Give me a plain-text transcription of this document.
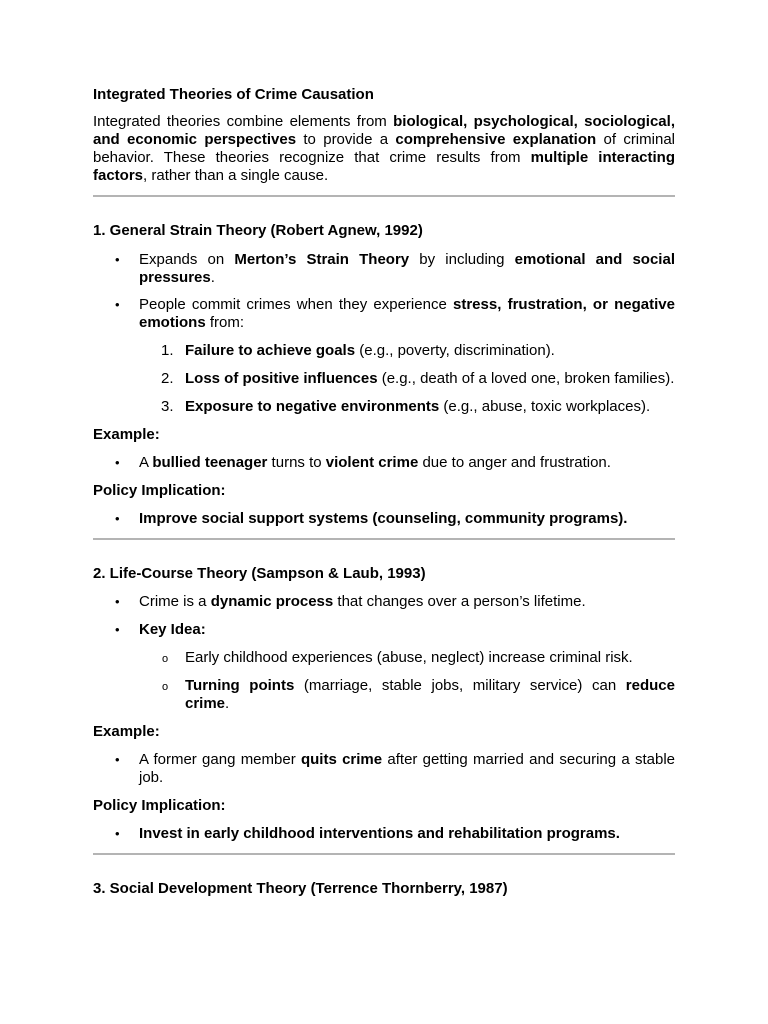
Integrated Theories of Crime Causation

Integrated theories combine elements from biological, psychological, sociological, and economic perspectives to provide a comprehensive explanation of criminal behavior. These theories recognize that crime results from multiple interacting factors, rather than a single cause.

1. General Strain Theory (Robert Agnew, 1992)

• Expands on Merton’s Strain Theory by including emotional and social pressures.
• People commit crimes when they experience stress, frustration, or negative emotions from:
1. Failure to achieve goals (e.g., poverty, discrimination).
2. Loss of positive influences (e.g., death of a loved one, broken families).
3. Exposure to negative environments (e.g., abuse, toxic workplaces).

Example:

• A bullied teenager turns to violent crime due to anger and frustration.

Policy Implication:

• Improve social support systems (counseling, community programs).

2. Life-Course Theory (Sampson & Laub, 1993)

• Crime is a dynamic process that changes over a person’s lifetime.
• Key Idea:
o Early childhood experiences (abuse, neglect) increase criminal risk.
o Turning points (marriage, stable jobs, military service) can reduce crime.

Example:

• A former gang member quits crime after getting married and securing a stable job.

Policy Implication:

• Invest in early childhood interventions and rehabilitation programs.

3. Social Development Theory (Terrence Thornberry, 1987)
